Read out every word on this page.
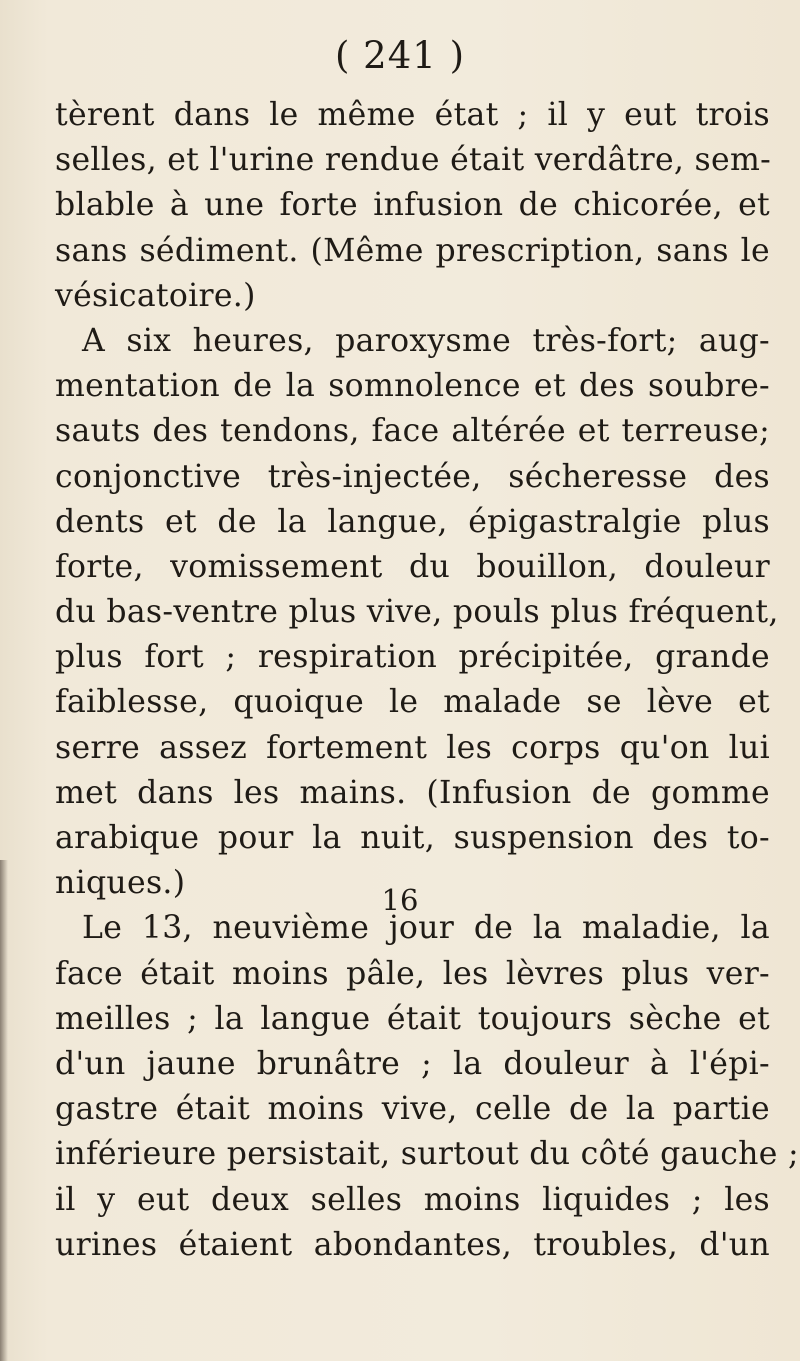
( 241 )
tèrent dans le même état ; il y eut trois
selles, et l'urine rendue était verdâtre, sem-
blable à une forte infusion de chicorée, et
sans sédiment. (Même prescription, sans le
vésicatoire.)
A six heures, paroxysme très-fort; aug-
mentation de la somnolence et des soubre-
sauts des tendons, face altérée et terreuse;
conjonctive très-injectée, sécheresse des
dents et de la langue, épigastralgie plus
forte, vomissement du bouillon, douleur
du bas-ventre plus vive, pouls plus fréquent,
plus fort ; respiration précipitée, grande
faiblesse, quoique le malade se lève et
serre assez fortement les corps qu'on lui
met dans les mains. (Infusion de gomme
arabique pour la nuit, suspension des to-
niques.)
Le 13, neuvième jour de la maladie, la
face était moins pâle, les lèvres plus ver-
meilles ; la langue était toujours sèche et
d'un jaune brunâtre ; la douleur à l'épi-
gastre était moins vive, celle de la partie
inférieure persistait, surtout du côté gauche ;
il y eut deux selles moins liquides ; les
urines étaient abondantes, troubles, d'un
16
